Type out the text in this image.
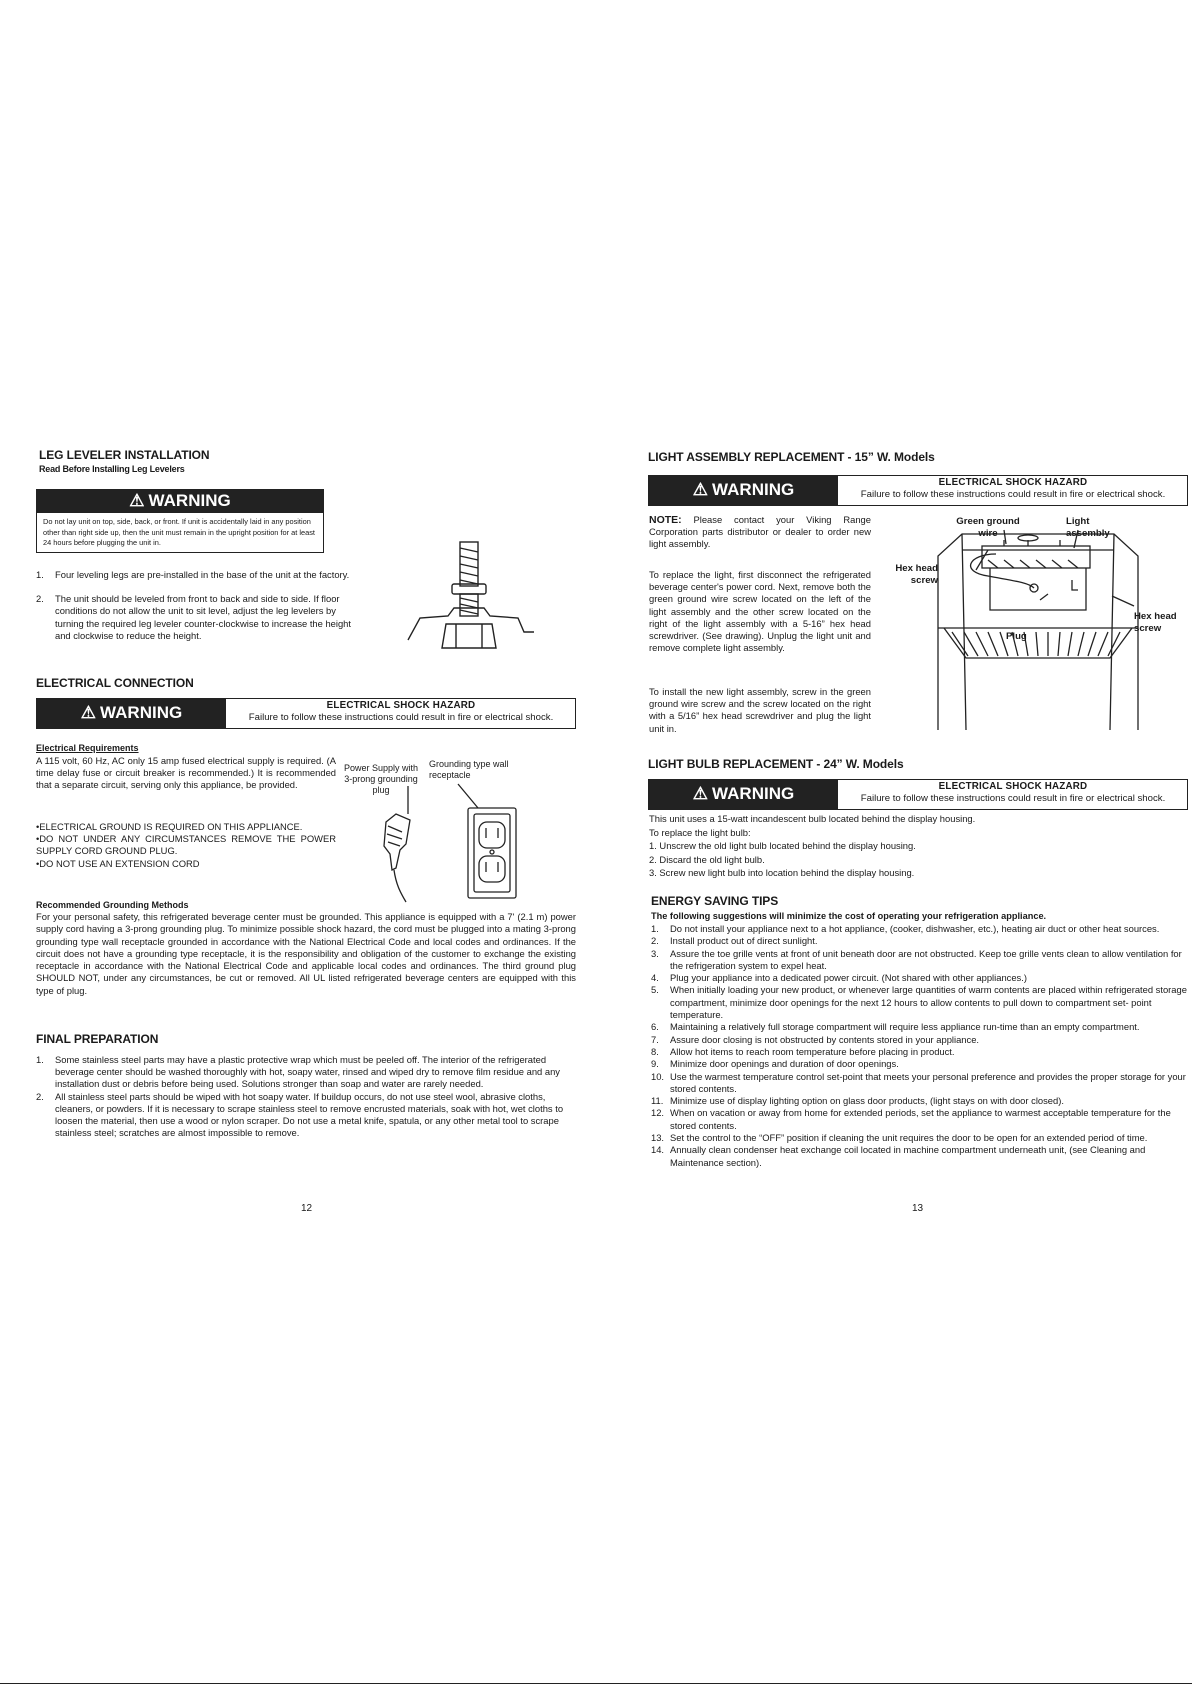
LEG LEVELER INSTALLATION

Read Before Installing Leg Levelers

⚠ WARNING

Do not lay unit on top, side, back, or front. If unit is accidentally laid in any position other than right side up, then the unit must remain in the upright position for at least 24 hours before plugging the unit in.

1. Four leveling legs are pre-installed in the base of the unit at the factory.
2. The unit should be leveled from front to back and side to side. If floor conditions do not allow the unit to sit level, adjust the leg levelers by turning the required leg leveler counter-clockwise to increase the height and clockwise to reduce the height.
ELECTRICAL CONNECTION
⚠ WARNING	ELECTRICAL SHOCK HAZARD
Failure to follow these instructions could result in fire or electrical shock.

Electrical Requirements

A 115 volt, 60 Hz, AC only 15 amp fused electrical supply is required. (A time delay fuse or circuit breaker is recommended.) It is recommended that a separate circuit, serving only this appliance, be provided.

•ELECTRICAL GROUND IS REQUIRED ON THIS APPLIANCE.

•DO NOT UNDER ANY CIRCUMSTANCES REMOVE THE POWER SUPPLY CORD GROUND PLUG.

•DO NOT USE AN EXTENSION CORD

Power Supply with 3-prong grounding plug
Grounding type wall receptacle

Recommended Grounding Methods

For your personal safety, this refrigerated beverage center must be grounded. This appliance is equipped with a 7' (2.1 m) power supply cord having a 3-prong grounding plug. To minimize possible shock hazard, the cord must be plugged into a mating 3-prong grounding type wall receptacle grounded in accordance with the National Electrical Code and local codes and ordinances. If the circuit does not have a grounding type receptacle, it is the responsibility and obligation of the customer to exchange the existing receptacle in accordance with the National Electrical Code and applicable local codes and ordinances. The third ground plug SHOULD NOT, under any circumstances, be cut or removed. All UL listed refrigerated beverage centers are equipped with this type of plug.

FINAL PREPARATION
1. Some stainless steel parts may have a plastic protective wrap which must be peeled off. The interior of the refrigerated beverage center should be washed thoroughly with hot, soapy water, rinsed and wiped dry to remove film residue and any installation dust or debris before being used. Solutions stronger than soap and water are rarely needed.
2. All stainless steel parts should be wiped with hot soapy water. If buildup occurs, do not use steel wool, abrasive cloths, cleaners, or powders. If it is necessary to scrape stainless steel to remove encrusted materials, soak with hot, wet cloths to loosen the material, then use a wood or nylon scraper. Do not use a metal knife, spatula, or any other metal tool to scrape stainless steel; scratches are almost impossible to remove.
12
LIGHT ASSEMBLY REPLACEMENT - 15” W. Models
⚠ WARNING	ELECTRICAL SHOCK HAZARD
Failure to follow these instructions could result in fire or electrical shock.

NOTE: Please contact your Viking Range Corporation parts distributor or dealer to order new light assembly.

To replace the light, first disconnect the refrigerated beverage center's power cord. Next, remove both the green ground wire screw located on the left of the light assembly and the other screw located on the right of the light assembly with a 5-16” hex head screwdriver. (See drawing). Unplug the light unit and remove complete light assembly.

To install the new light assembly, screw in the green ground wire screw and the screw located on the right with a 5/16” hex head screwdriver and plug the light unit in.

Green ground wire
Light assembly
Hex head screw
Plug
Hex head screw
LIGHT BULB REPLACEMENT - 24” W. Models
⚠ WARNING	ELECTRICAL SHOCK HAZARD
Failure to follow these instructions could result in fire or electrical shock.

This unit uses a 15-watt incandescent bulb located behind the display housing.

To replace the light bulb:

1. Unscrew the old light bulb located behind the display housing.

2. Discard the old light bulb.

3. Screw new light bulb into location behind the display housing.

ENERGY SAVING TIPS

The following suggestions will minimize the cost of operating your refrigeration appliance.

1. Do not install your appliance next to a hot appliance, (cooker, dishwasher, etc.), heating air duct or other heat sources.
2. Install product out of direct sunlight.
3. Assure the toe grille vents at front of unit beneath door are not obstructed. Keep toe grille vents clean to allow ventilation for the refrigeration system to expel heat.
4. Plug your appliance into a dedicated power circuit. (Not shared with other appliances.)
5. When initially loading your new product, or whenever large quantities of warm contents are placed within refrigerated storage compartment, minimize door openings for the next 12 hours to allow contents to pull down to compartment set- point temperature.
6. Maintaining a relatively full storage compartment will require less appliance run-time than an empty compartment.
7. Assure door closing is not obstructed by contents stored in your appliance.
8. Allow hot items to reach room temperature before placing in product.
9. Minimize door openings and duration of door openings.
10. Use the warmest temperature control set-point that meets your personal preference and provides the proper storage for your stored contents.
11. Minimize use of display lighting option on glass door products, (light stays on with door closed).
12. When on vacation or away from home for extended periods, set the appliance to warmest acceptable temperature for the stored contents.
13. Set the control to the “OFF” position if cleaning the unit requires the door to be open for an extended period of time.
14. Annually clean condenser heat exchange coil located in machine compartment underneath unit, (see Cleaning and Maintenance section).
13
